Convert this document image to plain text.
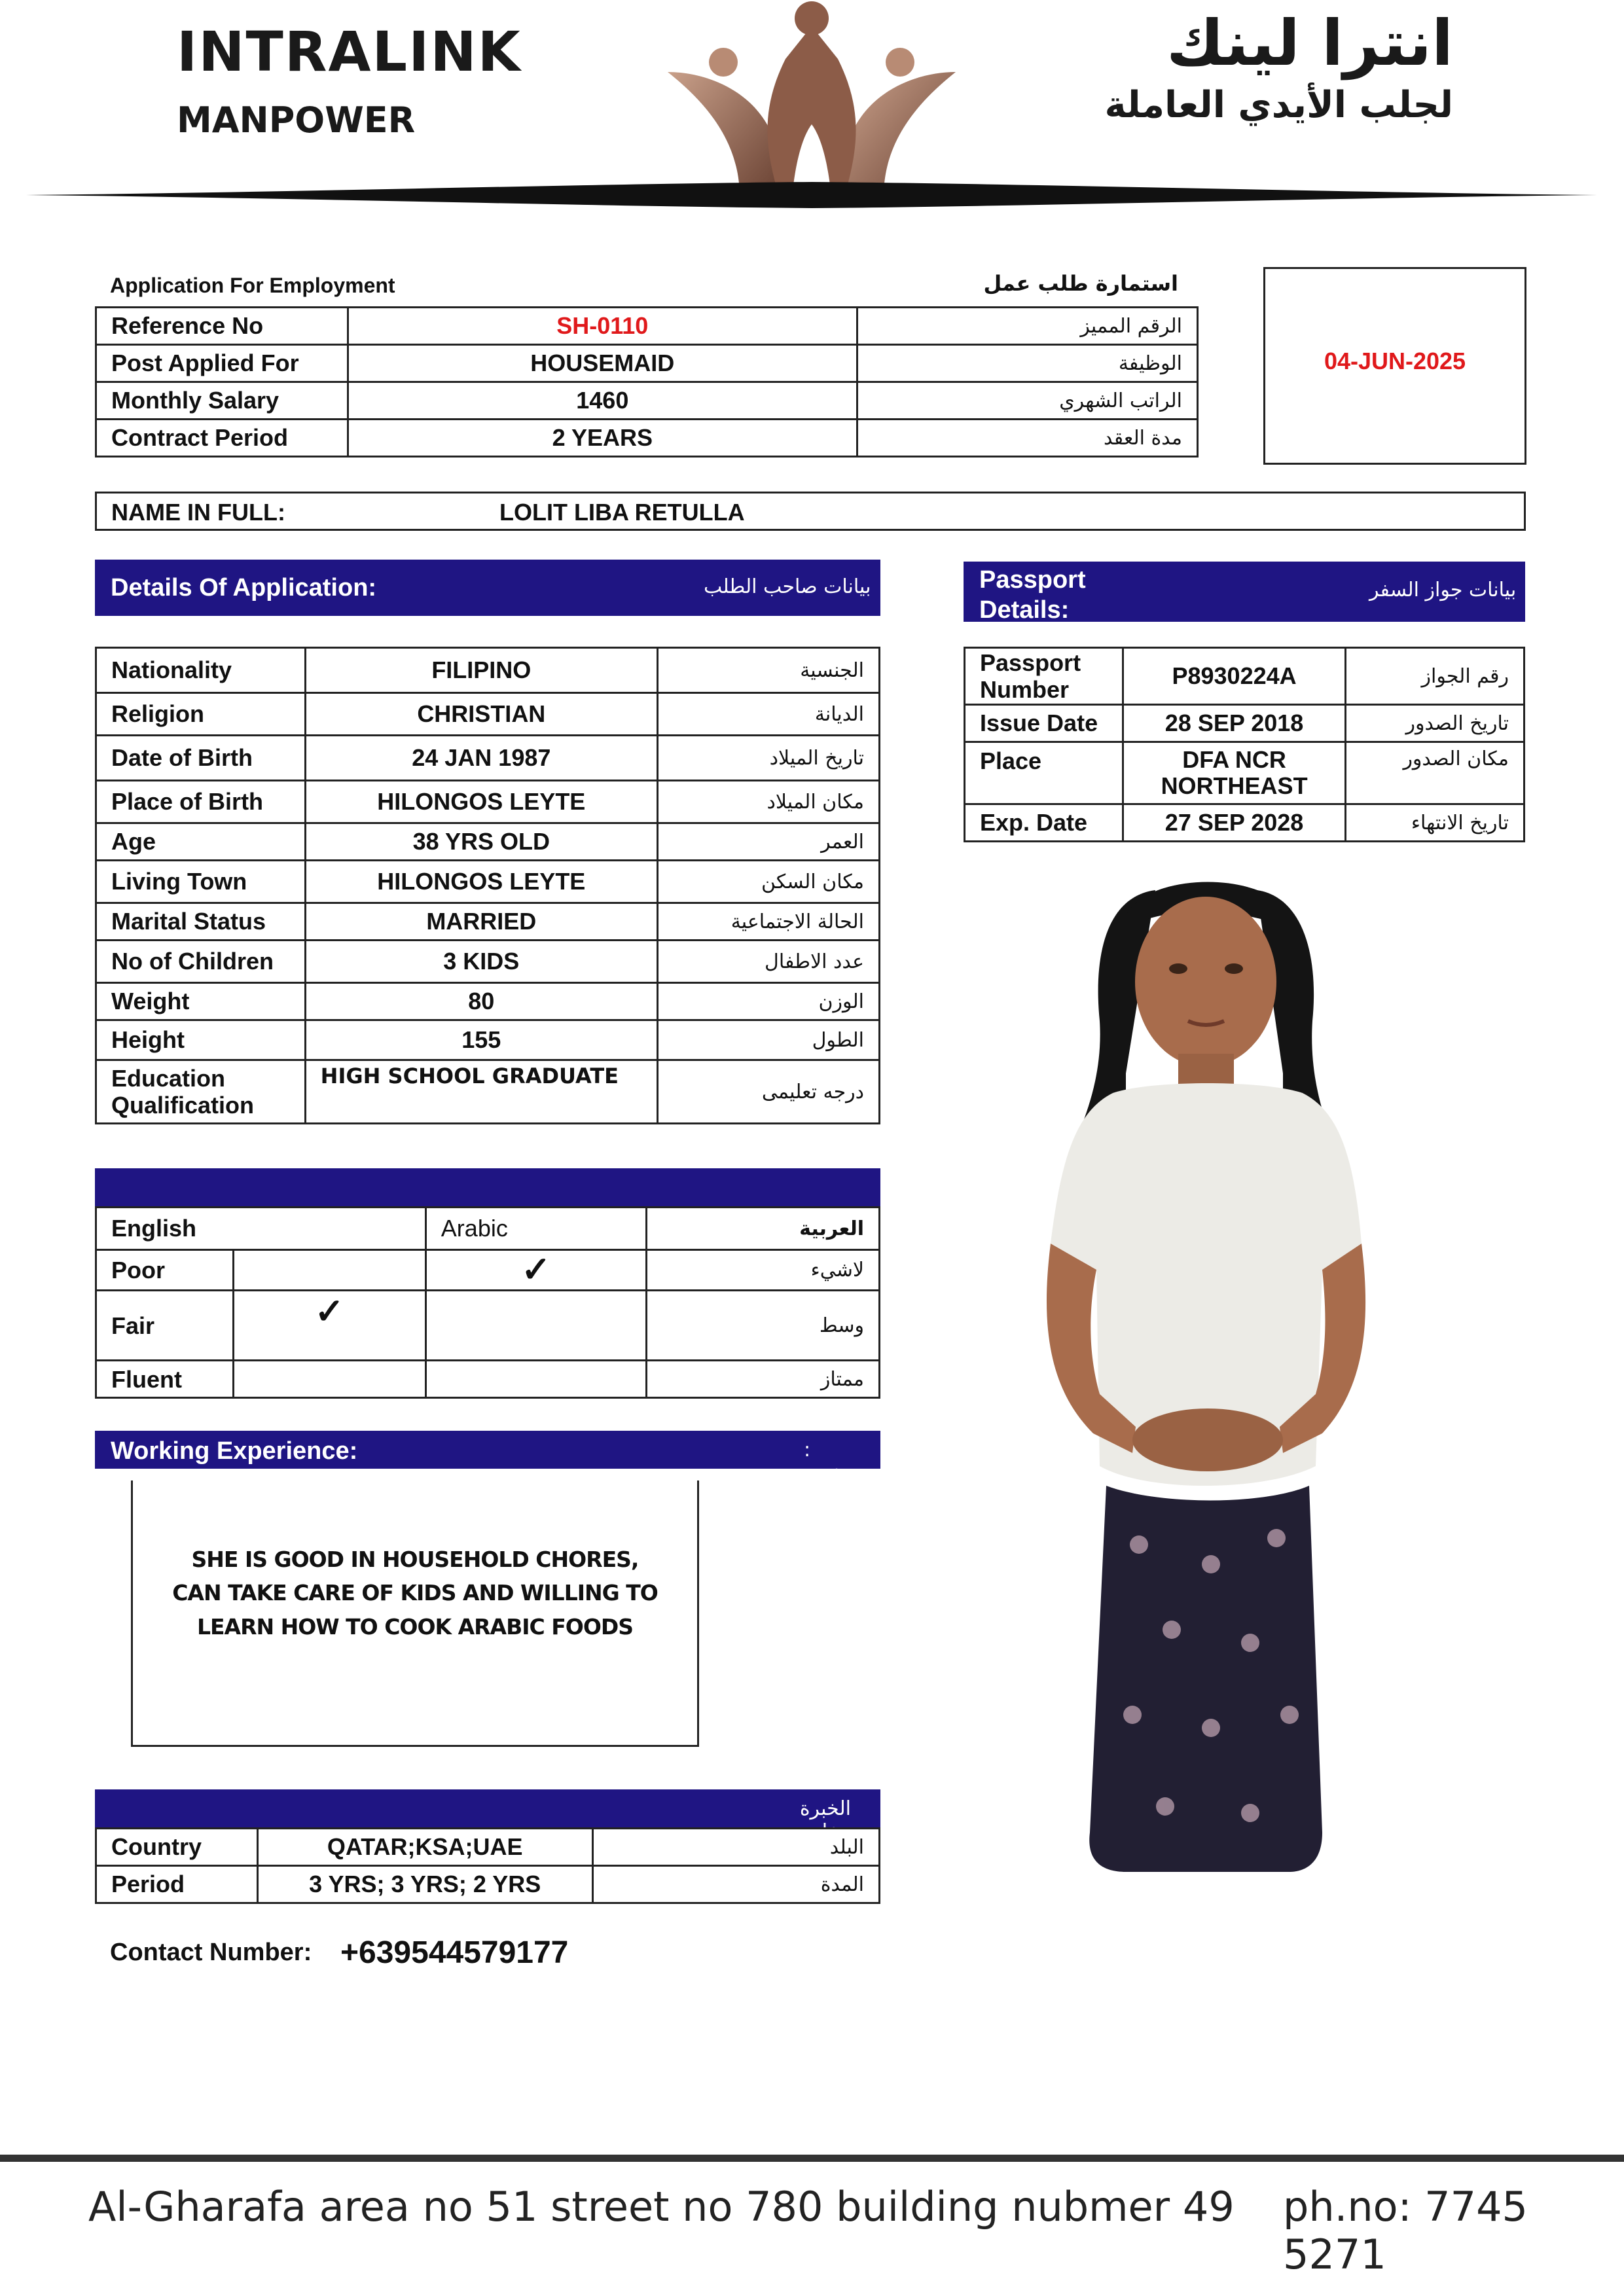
INTRALINK
MANPOWER
انترا لينك
لجلب الأيدي العاملة
Application For Employment	استمارة طلب عمل
Reference No	SH-0110	الرقم المميز
Post Applied For	HOUSEMAID	الوظيفة
Monthly Salary	1460	الراتب الشهري
Contract Period	2 YEARS	مدة العقد
04-JUN-2025
NAME IN FULL:	LOLIT LIBA RETULLA
Details Of Application:	بيانات صاحب الطلب
Nationality	FILIPINO	الجنسية
Religion	CHRISTIAN	الديانة
Date of Birth	24 JAN 1987	تاريخ الميلاد
Place of Birth	HILONGOS LEYTE	مكان الميلاد
Age	38 YRS OLD	العمر
Living Town	HILONGOS LEYTE	مكان السكن
Marital Status	MARRIED	الحالة الاجتماعية
No of Children	3 KIDS	عدد الاطفال
Weight	80	الوزن
Height	155	الطول
Education Qualification	HIGH SCHOOL GRADUATE	درجه تعليمى
Passport Details:
بيانات جواز السفر
Passport Number	P8930224A	رقم الجواز
Issue Date	28 SEP 2018	تاريخ الصدور
Place	DFA NCR NORTHEAST	مكان الصدور
Exp. Date	27 SEP 2028	تاريخ الانتهاء
English		Arabic	العربية
Poor		✓	لاشيء
Fair	✓		وسط
Fluent			ممتاز
Working Experience:	: خبرة العمل
SHE IS GOOD IN HOUSEHOLD CHORES, CAN TAKE CARE OF KIDS AND WILLING TO LEARN HOW TO COOK ARABIC FOODS
الخبرة خارج البلد
Country	QATAR;KSA;UAE	البلد
Period	3 YRS; 3 YRS; 2 YRS	المدة
Contact Number: +639544579177
Al-Gharafa area no 51 street no 780 building nubmer 49 ph.no: 7745 5271
